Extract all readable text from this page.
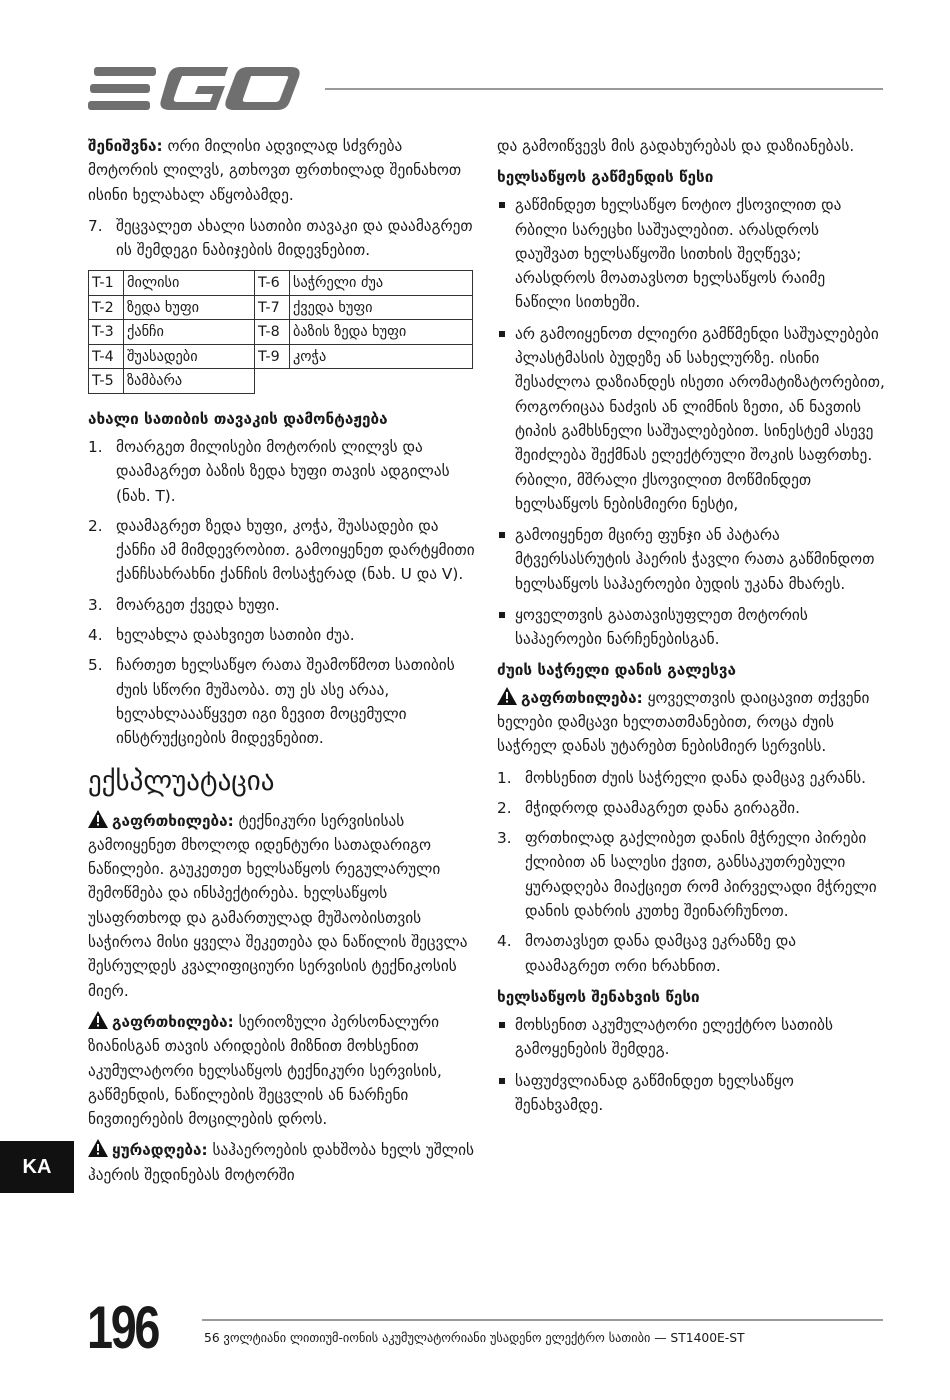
შენიშვნა: ორი მილისი ადვილად სძვრება მოტორის ლილვს, გთხოვთ ფრთხილად შეინახოთ ისინი ხელახალ აწყობამდე.

7. შეცვალეთ ახალი სათიბი თავაკი და დაამაგრეთ ის შემდეგი ნაბიჯების მიდევნებით.
T-1	მილისი	T-6	საჭრელი ძუა
T-2	ზედა ხუფი	T-7	ქვედა ხუფი
T-3	ქანჩი	T-8	ბაზის ზედა ხუფი
T-4	შუასადები	T-9	კოჭა
T-5	ზამბარა		
ახალი სათიბის თავაკის დამონტაჟება
1. მოარგეთ მილისები მოტორის ლილვს და დაამაგრეთ ბაზის ზედა ხუფი თავის ადგილას (ნახ. T).
2. დაამაგრეთ ზედა ხუფი, კოჭა, შუასადები და ქანჩი ამ მიმდევრობით. გამოიყენეთ დარტყმითი ქანჩსახრახნი ქანჩის მოსაჭერად (ნახ. U და V).
3. მოარგეთ ქვედა ხუფი.
4. ხელახლა დაახვიეთ სათიბი ძუა.
5. ჩართეთ ხელსაწყო რათა შეამოწმოთ სათიბის ძუის სწორი მუშაობა. თუ ეს ასე არაა, ხელახლაააწყვეთ იგი ზევით მოცემული ინსტრუქციების მიდევნებით.
ექსპლუატაცია

გაფრთხილება: ტექნიკური სერვისისას გამოიყენეთ მხოლოდ იდენტური სათადარიგო ნაწილები. გაუკეთეთ ხელსაწყოს რეგულარული შემოწმება და ინსპექტირება. ხელსაწყოს უსაფრთხოდ და გამართულად მუშაობისთვის საჭიროა მისი ყველა შეკეთება და ნაწილის შეცვლა შესრულდეს კვალიფიციური სერვისის ტექნიკოსის მიერ.

გაფრთხილება: სერიოზული პერსონალური ზიანისგან თავის არიდების მიზნით მოხსენით აკუმულატორი ხელსაწყოს ტექნიკური სერვისის, გაწმენდის, ნაწილების შეცვლის ან ნარჩენი ნივთიერების მოცილების დროს.

ყურადღება: საჰაეროების დახშობა ხელს უშლის ჰაერის შედინებას მოტორში

და გამოიწვევს მის გადახურებას და დაზიანებას.

ხელსაწყოს გაწმენდის წესი
გაწმინდეთ ხელსაწყო ნოტიო ქსოვილით და რბილი სარეცხი საშუალებით. არასდროს დაუშვათ ხელსაწყოში სითხის შეღწევა; არასდროს მოათავსოთ ხელსაწყოს რაიმე ნაწილი სითხეში.
არ გამოიყენოთ ძლიერი გამწმენდი საშუალებები პლასტმასის ბუდეზე ან სახელურზე. ისინი შესაძლოა დაზიანდეს ისეთი არომატიზატორებით, როგორიცაა ნაძვის ან ლიმნის ზეთი, ან ნავთის ტიპის გამხსნელი საშუალებებით. სინესტემ ასევე შეიძლება შექმნას ელექტრული შოკის საფრთხე. რბილი, მშრალი ქსოვილით მოწმინდეთ ხელსაწყოს ნებისმიერი ნესტი,
გამოიყენეთ მცირე ფუნჯი ან პატარა მტვერსასრუტის ჰაერის ჭავლი რათა გაწმინდოთ ხელსაწყოს საჰაეროები ბუდის უკანა მხარეს.
ყოველთვის გაათავისუფლეთ მოტორის საჰაეროები ნარჩენებისგან.
ძუის საჭრელი დანის გალესვა

გაფრთხილება: ყოველთვის დაიცავით თქვენი ხელები დამცავი ხელთათმანებით, როცა ძუის საჭრელ დანას უტარებთ ნებისმიერ სერვისს.

1. მოხსენით ძუის საჭრელი დანა დამცავ ეკრანს.
2. მჭიდროდ დაამაგრეთ დანა გირაგში.
3. ფრთხილად გაქლიბეთ დანის მჭრელი პირები ქლიბით ან სალესი ქვით, განსაკუთრებული ყურადღება მიაქციეთ რომ პირველადი მჭრელი დანის დახრის კუთხე შეინარჩუნოთ.
4. მოათავსეთ დანა დამცავ ეკრანზე და დაამაგრეთ ორი ხრახნით.
ხელსაწყოს შენახვის წესი
მოხსენით აკუმულატორი ელექტრო სათიბს გამოყენების შემდეგ.
საფუძვლიანად გაწმინდეთ ხელსაწყო შენახვამდე.
KA
196	56 ვოლტიანი ლითიუმ-იონის აკუმულატორიანი უსადენო ელექტრო სათიბი — ST1400E-ST
